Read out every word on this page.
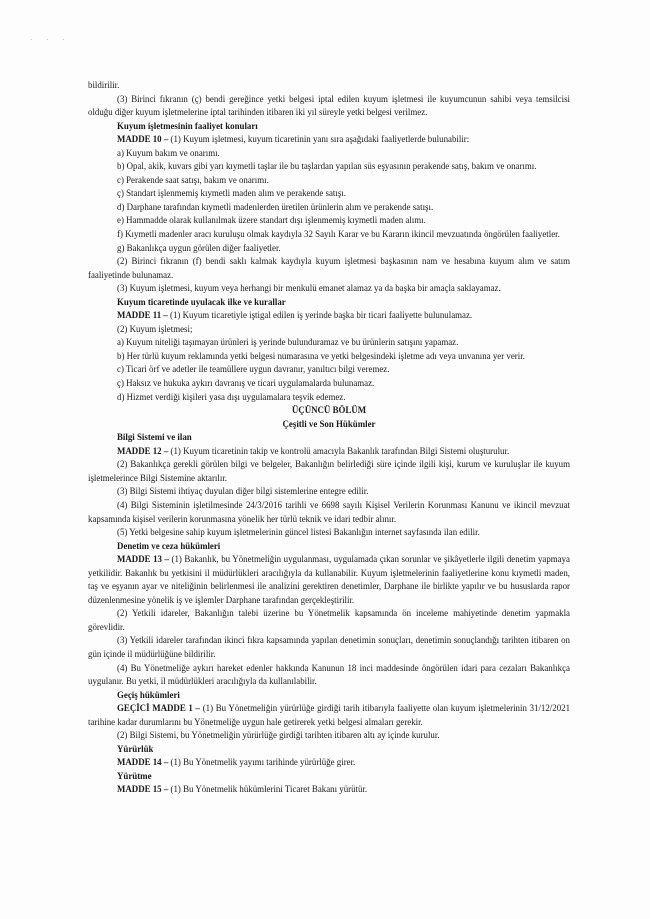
· · ·

bildirilir.

(3) Birinci fıkranın (ç) bendi gereğince yetki belgesi iptal edilen kuyum işletmesi ile kuyumcunun sahibi veya temsilcisi olduğu diğer kuyum işletmelerine iptal tarihinden itibaren iki yıl süreyle yetki belgesi verilmez.

Kuyum işletmesinin faaliyet konuları

MADDE 10 – (1) Kuyum işletmesi, kuyum ticaretinin yanı sıra aşağıdaki faaliyetlerde bulunabilir:

a) Kuyum bakım ve onarımı.

b) Opal, akik, kuvars gibi yarı kıymetli taşlar ile bu taşlardan yapılan süs eşyasının perakende satış, bakım ve onarımı.

c) Perakende saat satışı, bakım ve onarımı.

ç) Standart işlenmemiş kıymetli maden alım ve perakende satışı.

d) Darphane tarafından kıymetli madenlerden üretilen ürünlerin alım ve perakende satışı.

e) Hammadde olarak kullanılmak üzere standart dışı işlenmemiş kıymetli maden alımı.

f) Kıymetli madenler aracı kuruluşu olmak kaydıyla 32 Sayılı Karar ve bu Kararın ikincil mevzuatında öngörülen faaliyetler.

g) Bakanlıkça uygun görülen diğer faaliyetler.

(2) Birinci fıkranın (f) bendi saklı kalmak kaydıyla kuyum işletmesi başkasının nam ve hesabına kuyum alım ve satım faaliyetinde bulunamaz.

(3) Kuyum işletmesi, kuyum veya herhangi bir menkulü emanet alamaz ya da başka bir amaçla saklayamaz.

Kuyum ticaretinde uyulacak ilke ve kurallar

MADDE 11 – (1) Kuyum ticaretiyle iştigal edilen iş yerinde başka bir ticari faaliyette bulunulamaz.

(2) Kuyum işletmesi;

a) Kuyum niteliği taşımayan ürünleri iş yerinde bulunduramaz ve bu ürünlerin satışını yapamaz.

b) Her türlü kuyum reklamında yetki belgesi numarasına ve yetki belgesindeki işletme adı veya unvanına yer verir.

c) Ticari örf ve adetler ile teamüllere uygun davranır, yanıltıcı bilgi veremez.

ç) Haksız ve hukuka aykırı davranış ve ticari uygulamalarda bulunamaz.

d) Hizmet verdiği kişileri yasa dışı uygulamalara teşvik edemez.

ÜÇÜNCÜ BÖLÜM

Çeşitli ve Son Hükümler

Bilgi Sistemi ve ilan

MADDE 12 – (1) Kuyum ticaretinin takip ve kontrolü amacıyla Bakanlık tarafından Bilgi Sistemi oluşturulur.

(2) Bakanlıkça gerekli görülen bilgi ve belgeler, Bakanlığın belirlediği süre içinde ilgili kişi, kurum ve kuruluşlar ile kuyum işletmelerince Bilgi Sistemine aktarılır.

(3) Bilgi Sistemi ihtiyaç duyulan diğer bilgi sistemlerine entegre edilir.

(4) Bilgi Sisteminin işletilmesinde 24/3/2016 tarihli ve 6698 sayılı Kişisel Verilerin Korunması Kanunu ve ikincil mevzuat kapsamında kişisel verilerin korunmasına yönelik her türlü teknik ve idari tedbir alınır.

(5) Yetki belgesine sahip kuyum işletmelerinin güncel listesi Bakanlığın internet sayfasında ilan edilir.

Denetim ve ceza hükümleri

MADDE 13 – (1) Bakanlık, bu Yönetmeliğin uygulanması, uygulamada çıkan sorunlar ve şikâyetlerle ilgili denetim yapmaya yetkilidir. Bakanlık bu yetkisini il müdürlükleri aracılığıyla da kullanabilir. Kuyum işletmelerinin faaliyetlerine konu kıymetli maden, taş ve eşyanın ayar ve niteliğinin belirlenmesi ile analizini gerektiren denetimler, Darphane ile birlikte yapılır ve bu hususlarda rapor düzenlenmesine yönelik iş ve işlemler Darphane tarafından gerçekleştirilir.

(2) Yetkili idareler, Bakanlığın talebi üzerine bu Yönetmelik kapsamında ön inceleme mahiyetinde denetim yapmakla görevlidir.

(3) Yetkili idareler tarafından ikinci fıkra kapsamında yapılan denetimin sonuçları, denetimin sonuçlandığı tarihten itibaren on gün içinde il müdürlüğüne bildirilir.

(4) Bu Yönetmeliğe aykırı hareket edenler hakkında Kanunun 18 inci maddesinde öngörülen idari para cezaları Bakanlıkça uygulanır. Bu yetki, il müdürlükleri aracılığıyla da kullanılabilir.

Geçiş hükümleri

GEÇİCİ MADDE 1 – (1) Bu Yönetmeliğin yürürlüğe girdiği tarih itibarıyla faaliyette olan kuyum işletmelerinin 31/12/2021 tarihine kadar durumlarını bu Yönetmeliğe uygun hale getirerek yetki belgesi almaları gerekir.

(2) Bilgi Sistemi, bu Yönetmeliğin yürürlüğe girdiği tarihten itibaren altı ay içinde kurulur.

Yürürlük

MADDE 14 – (1) Bu Yönetmelik yayımı tarihinde yürürlüğe girer.

Yürütme

MADDE 15 – (1) Bu Yönetmelik hükümlerini Ticaret Bakanı yürütür.
